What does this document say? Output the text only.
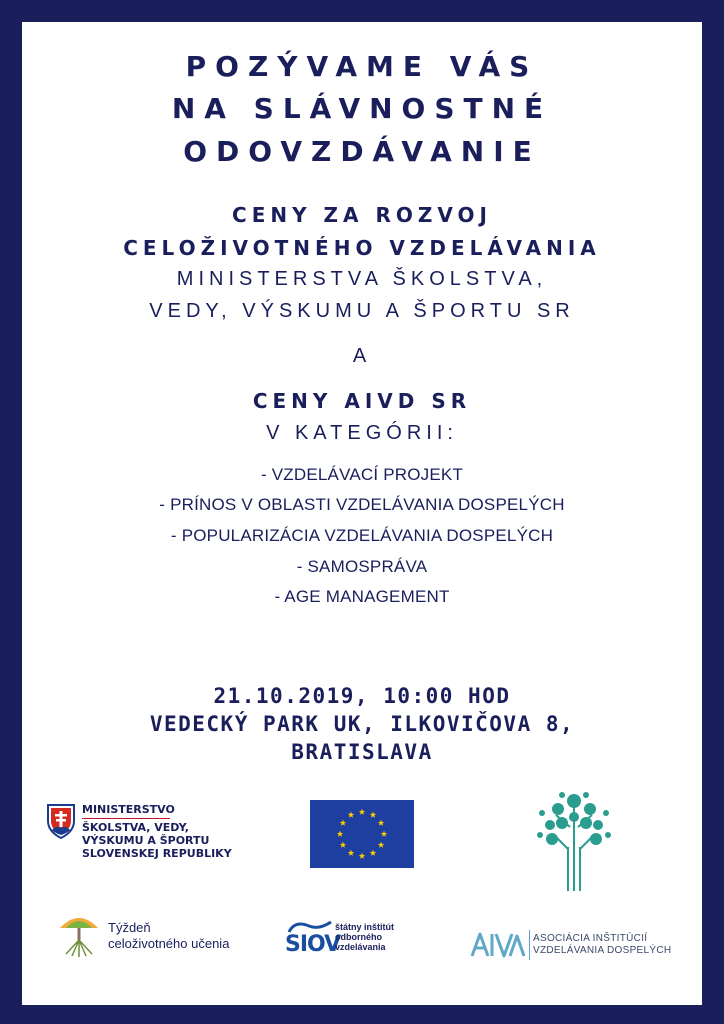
POZÝVAME VÁS
NA SLÁVNOSTNÉ
ODOVZDÁVANIE
CENY ZA ROZVOJ
CELOŽIVOTNÉHO VZDELÁVANIA
MINISTERSTVA ŠKOLSTVA,
VEDY, VÝSKUMU A ŠPORTU SR
A
CENY AIVD SR
V KATEGÓRII:
- VZDELÁVACÍ PROJEKT
- PRÍNOS V OBLASTI VZDELÁVANIA DOSPELÝCH
- POPULARIZÁCIA VZDELÁVANIA DOSPELÝCH
- SAMOSPRÁVA
- AGE MANAGEMENT
21.10.2019, 10:00 HOD
VEDECKÝ PARK UK, ILKOVIČOVA 8,
BRATISLAVA
MINISTERSTVO
ŠKOLSTVA, VEDY,
VÝSKUMU A ŠPORTU
SLOVENSKEJ REPUBLIKY
Týždeň
celoživotného učenia	SIOV
štátny inštitút
odborného
vzdelávania
ASOCIÁCIA INŠTITÚCIÍ
VZDELÁVANIA DOSPELÝCH
